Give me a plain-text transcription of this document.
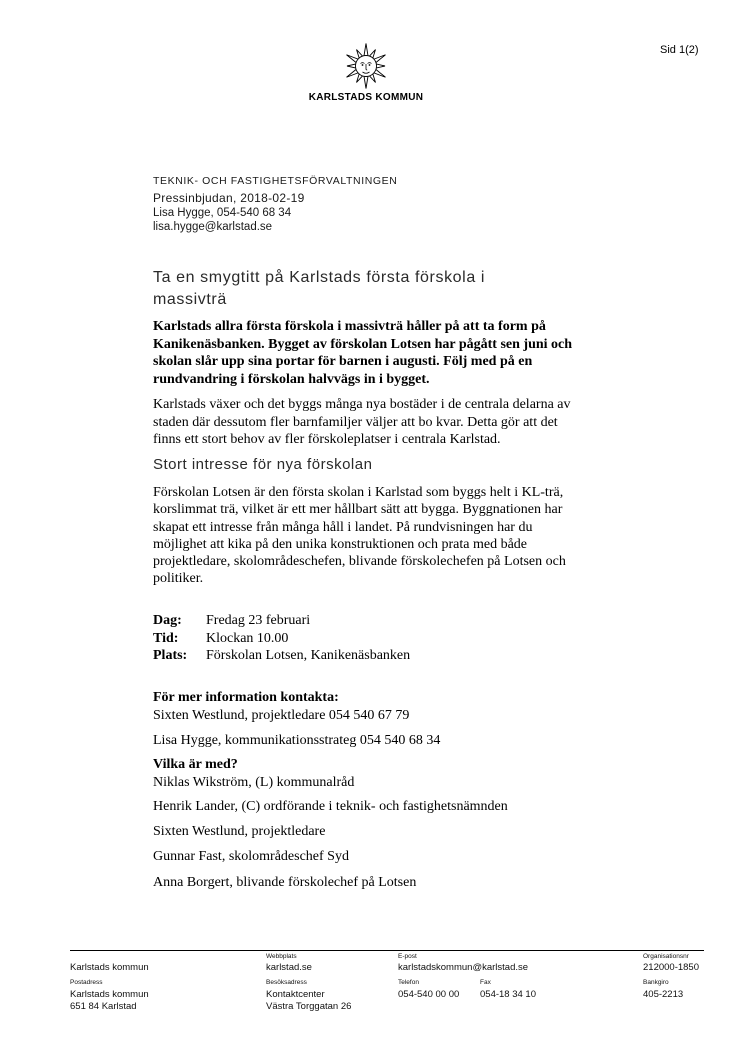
Sid 1(2)
KARLSTADS KOMMUN
TEKNIK- OCH FASTIGHETSFÖRVALTNINGEN
Pressinbjudan, 2018-02-19
Lisa Hygge, 054-540 68 34
lisa.hygge@karlstad.se
Ta en smygtitt på Karlstads första förskola i
massivträ
Karlstads allra första förskola i massivträ håller på att ta form på
Kanikenäsbanken. Bygget av förskolan Lotsen har pågått sen juni och
skolan slår upp sina portar för barnen i augusti. Följ med på en
rundvandring i förskolan halvvägs in i bygget.
Karlstads växer och det byggs många nya bostäder i de centrala delarna av
staden där dessutom fler barnfamiljer väljer att bo kvar. Detta gör att det
finns ett stort behov av fler förskoleplatser i centrala Karlstad.
Stort intresse för nya förskolan
Förskolan Lotsen är den första skolan i Karlstad som byggs helt i KL-trä,
korslimmat trä, vilket är ett mer hållbart sätt att bygga. Byggnationen har
skapat ett intresse från många håll i landet. På rundvisningen har du
möjlighet att kika på den unika konstruktionen och prata med både
projektledare, skolområdeschefen, blivande förskolechefen på Lotsen och
politiker.
Dag: Fredag 23 februari
Tid: Klockan 10.00
Plats: Förskolan Lotsen, Kanikenäsbanken
För mer information kontakta:
Sixten Westlund, projektledare 054 540 67 79
Lisa Hygge, kommunikationsstrateg 054 540 68 34
Vilka är med?
Niklas Wikström, (L) kommunalråd
Henrik Lander, (C) ordförande i teknik- och fastighetsnämnden
Sixten Westlund, projektledare
Gunnar Fast, skolområdeschef Syd
Anna Borgert, blivande förskolechef på Lotsen
Karlstads kommun
Webbplats
karlstad.se
E-post
karlstadskommun@karlstad.se
Organisationsnr
212000-1850
Postadress
Karlstads kommun
651 84 Karlstad
Besöksadress
Kontaktcenter
Västra Torggatan 26
Telefon
054-540 00 00
Fax
054-18 34 10
Bankgiro
405-2213
